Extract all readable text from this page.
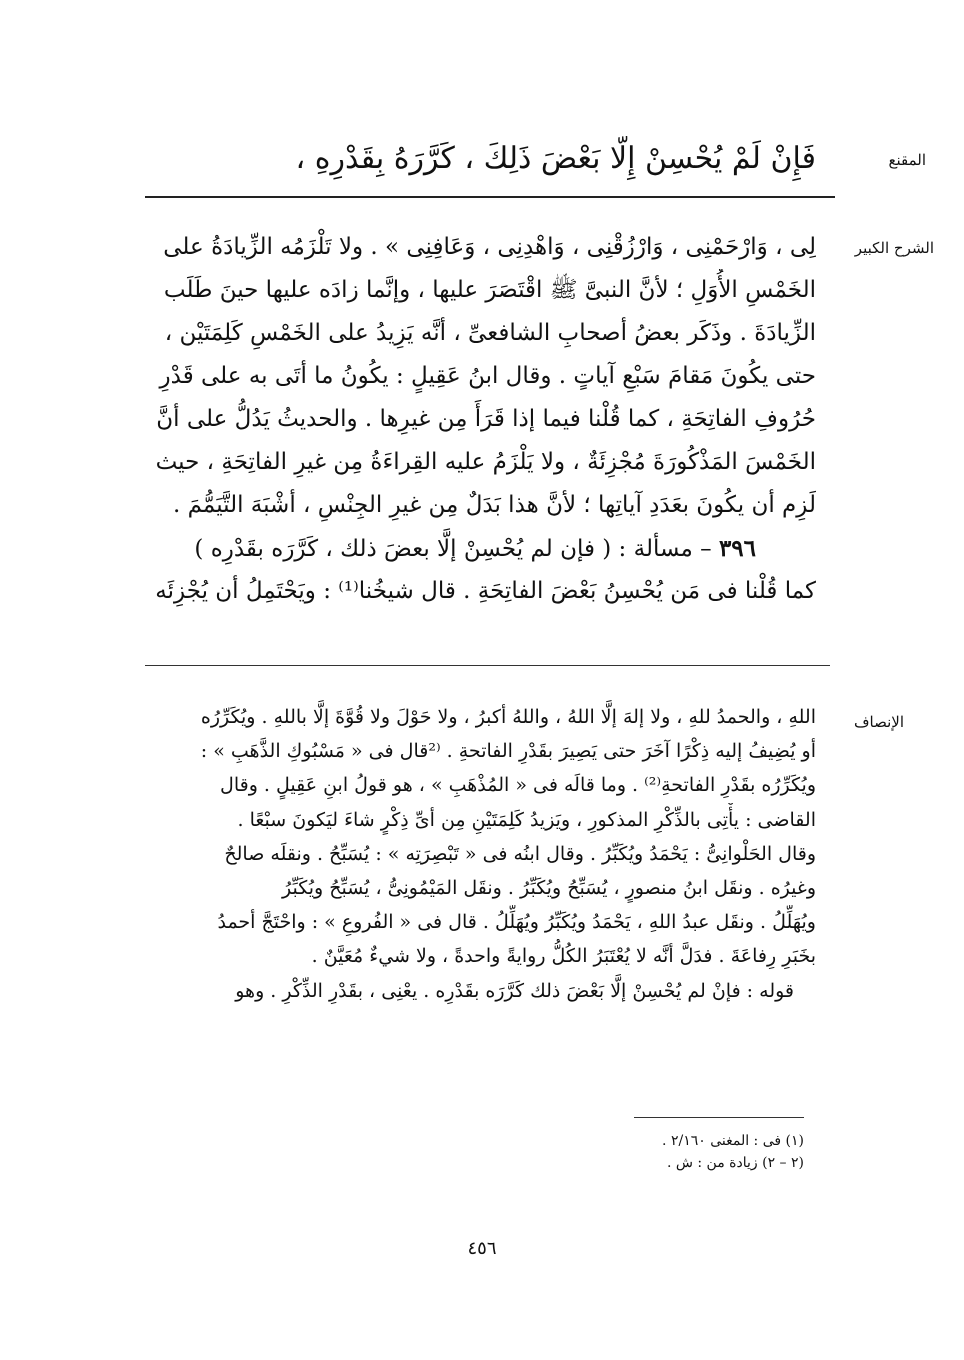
المقنع
فَإِنْ لَمْ يُحْسِنْ إِلَّا بَعْضَ ذَلِكَ ، كَرَّرَهُ بِقَدْرِهِ ،
الشرح الكبير
لِى ، وَارْحَمْنِى ، وَارْزُقْنِى ، وَاهْدِنِى ، وَعَافِنِى » . ولا تَلْزَمُه الزِّيادَةُ على
الخَمْسِ الأُوَلِ ؛ لأنَّ النبىَّ ﷺ اقْتَصَرَ عليها ، وإنَّما زادَه عليها حينَ طَلَب
الزِّيادَةَ . وذَكَر بعضُ أصحابِ الشافعىِّ ، أنَّه يَزِيدُ على الخَمْسِ كَلِمَتَيْن ،
حتى يكُونَ مَقامَ سَبْعِ آياتٍ . وقال ابنُ عَقِيلٍ : يكُونُ ما أتَى به على قَدْرِ
حُرُوفِ الفاتِحَةِ ، كما قُلْنا فيما إذا قَرَأَ مِن غيرِها . والحديثُ يَدُلُّ على أنَّ
الخَمْسَ المَذْكُورَةَ مُجْزِئَةٌ ، ولا يَلْزَمُ عليه القِراءَةُ مِن غيرِ الفاتِحَةِ ، حيث
لَزِم أن يكُونَ بعَدَدِ آياتِها ؛ لأنَّ هذا بَدَلٌ مِن غيرِ الجِنْسِ ، أشْبَهَ التَّيَمُّمَ .
٣٩٦ – مسألة : ( فإن لم يُحْسِنْ إلَّا بعضَ ذلك ، كَرَّرَه بقَدْرِه )
كما قُلْنا فى مَن يُحْسِنُ بَعْضَ الفاتِحَةِ . قال شيخُنا⁽¹⁾ : ويَحْتَمِلُ أن يُجْزِئَه
الإنصاف
اللهِ ، والحمدُ للهِ ، ولا إلهَ إلَّا اللهُ ، واللهُ أكبرُ ، ولا حَوْلَ ولا قُوَّةَ إلَّا باللهِ . ويُكَرِّرُه
أو يُضِيفُ إليه ذِكْرًا آخَرَ حتى يَصِيرَ بقَدْرِ الفاتحةِ . ⁽²قال فى « مَسْبُوكِ الذَّهَبِ » :
ويُكَرِّرُه بقَدْرِ الفاتحةِ⁽²⁾ . وما قالَه فى « المُذْهَبِ » ، هو قولُ ابنِ عَقِيلٍ . وقال
القاضى : يأْتِى بالذِّكْرِ المذكورِ ، ويَزيدُ كَلِمَتَيْنِ مِن أىِّ ذِكْرٍ شاءَ ليَكونَ سبْعًا .
وقال الحَلْوانِىُّ : يَحْمَدُ ويُكَبِّرُ . وقال ابنُه فى « تَبْصِرَتِه » : يُسَبِّحُ . ونقلَه صالحٌ
وغيرُه . ونقَل ابنُ منصورٍ ، يُسَبِّحُ ويُكَبِّرُ . ونقَل المَيْمُونِىُّ ، يُسَبِّحُ ويُكَبِّرُ
ويُهَلِّلُ . ونقَل عبدُ اللهِ ، يَحْمَدُ ويُكَبِّرُ ويُهَلِّلُ . قال فى « الفُروعِ » : واحْتَجَّ أحمدُ
بخَبَرِ رِفاعَةَ . فدَلَّ أنَّه لا يُعْتَبَرُ الكُلُّ روايةً واحدةً ، ولا شيءٌ مُعَيَّنٌ .
قوله : فإنْ لم يُحْسِنْ إلَّا بَعْضَ ذلك كَرَّرَه بقَدْرِه . يعْنِى ، بقَدْرِ الذِّكْرِ . وهو
(١) فى : المغنى ٢/١٦٠ .
(٢ – ٢) زيادة من : ش .
٤٥٦
